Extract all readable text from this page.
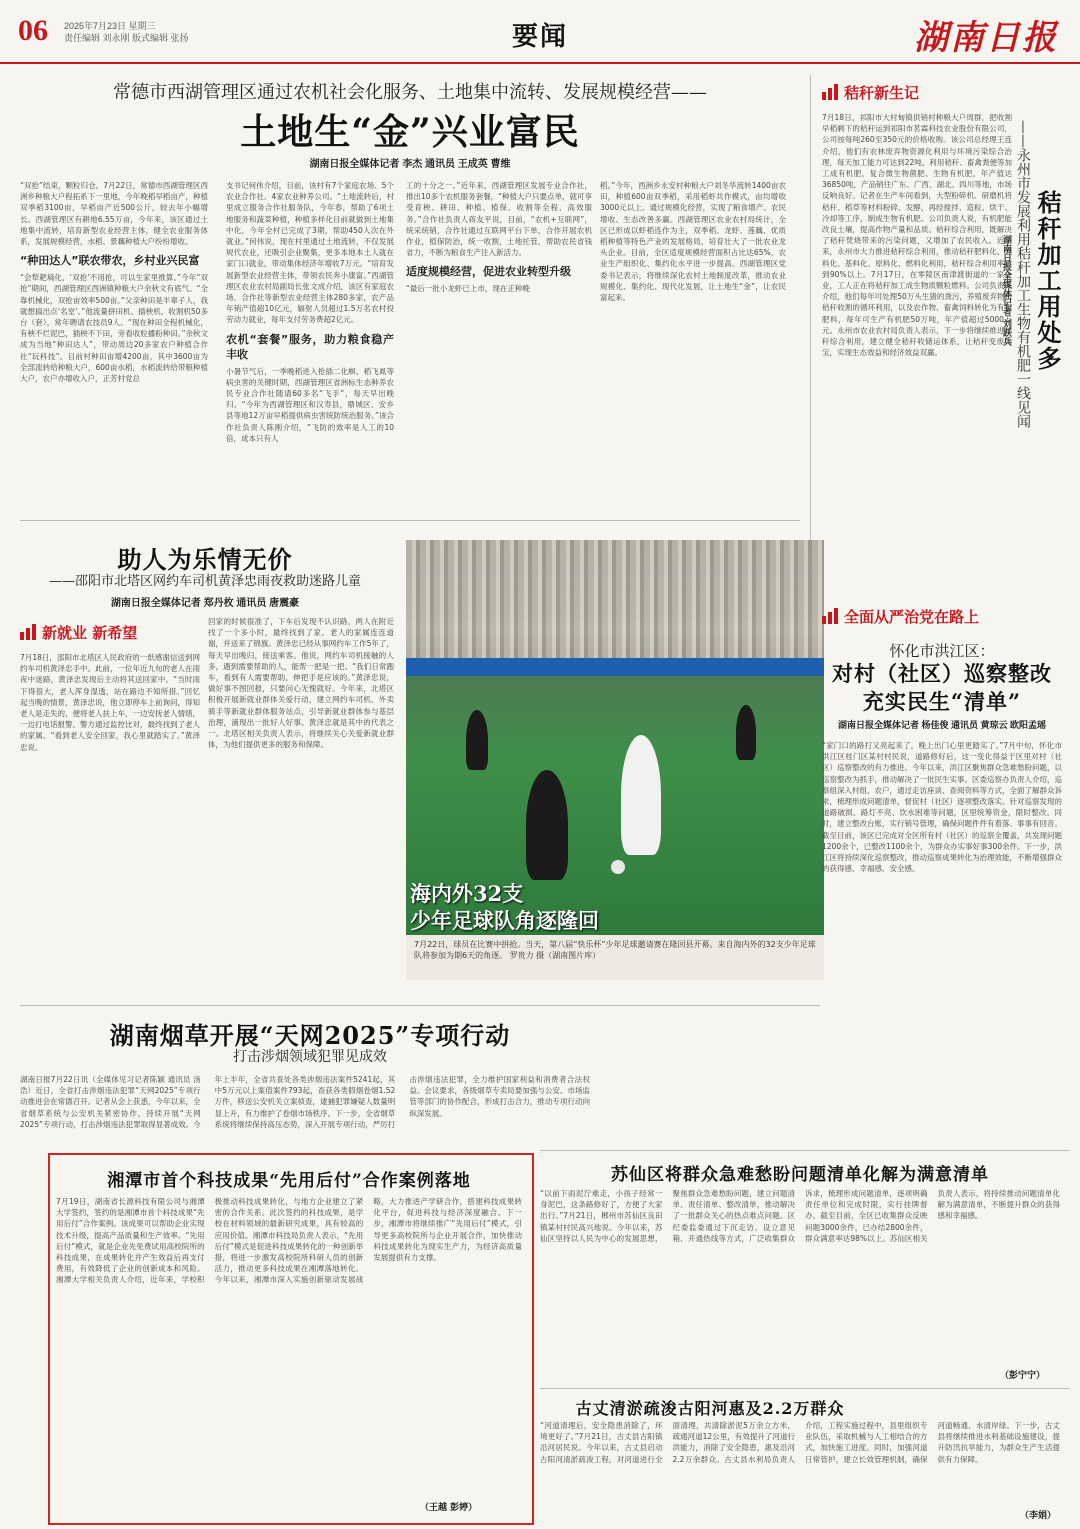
06 2025年7月23日 星期三
责任编辑 刘永刚 版式编辑 张扬	要闻	湖南日报
常德市西湖管理区通过农机社会化服务、土地集中流转、发展规模经营——
土地生“金”兴业富民
湖南日报全媒体记者 李杰 通讯员 王成英 曹维
“双抢”结束，颗粒归仓。7月22日，常德市西湖管理区西洲乡种粮大户程拓系下一里地，今年晚稻早稻亩产，种植双季稻3100亩，早稻亩产近500公斤，较去年小幅增长。西湖管理区有耕地6.55万亩，今年来，该区通过土地集中流转，培育新型农业经营主体，健全农业服务体系，发展规模经营，水稻、景藕种植大户纷纷增收。
“种田达人”联农带农，乡村业兴民富
“会犁耙墒化，‘双抢’不用抢，可以生家里推算。”今年“双抢”期间，西湖管理区西洲镇种粮大户余秋文有底气。“全靠机械化，双抢亩效率500亩。”父亲种田是半辈子人，我就想搞出点‘名堂’。”他流量拼田机、插秧机、收割机50多台（套），常年聘请农技员9人。“现在种田全程机械化，有秧不烂泥巴，插秧不下田，旁看收粒播粉种田。”余秋文成为当地“种田达人”，带动周边20多家农户种植合作社“玩科技”。目前村种田亩增4200亩，其中3600亩为全部流转给种粮大户，600亩水稻，水稻流转给带粮种植大户，农户亦增收入户，正芳村党总
支书记何伟介绍，目前，该村有7个家庭农场、5个农业合作社、4家农业种养公司。“土地流转后，村里成立服务合作社服务队，今年春，帮助了6项土地服务和蔬菜种植，种植多样化目前就做到土地集中化，今年全村已完成了3期，帮助450人次在外就业。”何伟说，现在村里通过土地流转，不仅发展规代农业，还吸引企业聚集，更多本地本土人就在家门口就业，带动集体经济年增收7万元。“培育发展新型农业经营主体，带领农民奔小康富。”西湖管理区农业农村局副局长张文成介绍，该区有家庭农场、合作社等新型农业经营主体280多家，农产品年销产值超10亿元，辐射人员超过1.5万名农村投劳动力就业，每年支付劳务费超2亿元。
农机“套餐”服务，助力粮食稳产丰收
小暑节气后，一季晚稻进入抢插二化螟、稻飞虱等病虫害的关键时期，西湖管理区省洲标生态种养农民专业合作社随请60多名“飞手”，每天早出晚归。“今年为西湖管理区和汉寿县，鼎城区、安乡县等地12万亩早稻提供病虫害统防统治服务。”该合作社负责人陈刚介绍，“飞防的效率是人工的10倍，成本只有人
工的十分之一。”近年来，西湖管理区发展专业合作社，推出10多个农机服务套餐，“种植大户只要点单，就可享受育秧、耕田、种植、植保、收割等全程、高效服务。”合作社负责人蒋友平说，目前，“农机+互联网”，统采统销，合作社通过互联网平台下单，合作开展农机作业，植保防治，统一收割，土地托管，帮助农民省钱省力，不断为粮食生产注入新活力。
适度规模经营，促进农业转型升级
“最后一批小龙虾已上市，现在正种晚
稻。”今年，西洲乡永安村种粮大户刘冬华流转1400亩农田，种植600亩双季稻，采用稻虾共作模式，亩均增收3000元以上。通过规模化经营，实现了粮食增产、农民增收、生态改善多赢。西湖管理区农业农村局统计，全区已形成以虾稻连作为主，双季稻、龙虾、莲藕、优质稻种植等特色产业的发展格局，培育壮大了一批农业龙头企业。目前，全区适度规模经营面积占比达65%，农业生产组织化、集约化水平进一步提高。西湖管理区党委书记表示，将继续深化农村土地制度改革，推动农业规模化、集约化、现代化发展，让土地生“金”，让农民富起来。
秸秆新生记
7月18日，祁阳市大村甸镇供销村种粮大户周群，把收割早稻剩下的秸秆运到祁阳市茗霖科技农业股份有限公司，公司按每吨260至350元的价格收购。该公司总经理王连介绍，他们有农林废弃物资源化利用与环境污染综合治理，每天加工能力可达到22吨。利用秸秆、畜禽粪便等加工成有机肥，复合微生物菌肥、生物有机肥，年产值达36850吨，产品销往广东、广西、湖北、四川等地，市场反响良好。记者在生产车间看到，大型粉碎机、研磨机将秸秆、稻草等材料粉碎、发酵，再经搅拌、造粒、烘干、冷却等工序，制成生物有机肥。公司负责人说，有机肥能改良土壤，提高作物产量和品质。秸秆综合利用，既解决了秸秆焚烧带来的污染问题，又增加了农民收入。近年来，永州市大力推进秸秆综合利用，推动秸秆肥料化、饲料化、基料化、原料化、燃料化利用，秸秆综合利用率达到90%以上。7月17日，在零陵区南津渡街道的一家企业，工人正在将秸秆加工成生物质颗粒燃料。公司负责人介绍，他们每年可处理50万头生猪的粪污，养殖废弃物和秸秆收割的循环利用，以及农作物、畜禽饲料转化为有机肥料，每年可生产有机肥50万吨，年产值超过5000万元。永州市农业农村局负责人表示，下一步将继续推进秸秆综合利用，建立健全秸秆收储运体系，让秸秆变废为宝，实现生态效益和经济效益双赢。	秸秆加工用处多
——永州市发展利用秸秆加工生物有机肥一线见闻
湖南日报全媒体记者 刘跃兵
助人为乐情无价
——邵阳市北塔区网约车司机黄泽忠雨夜救助迷路儿童
湖南日报全媒体记者 郑丹枚 通讯员 唐震豪
新就业 新希望
7月18日，邵阳市北塔区人民政府的一纸感谢信送到网约车司机黄泽忠手中。此前，一位年近九旬的老人在雨夜中迷路，黄泽忠发现后主动将其送回家中。“当时雨下得很大，老人浑身湿透，站在路边不知所措。”回忆起当晚的情景，黄泽忠说，他立即停车上前询问，得知老人是走失的，便将老人扶上车，一边安抚老人情绪，一边打电话报警。警方通过监控比对，最终找到了老人的家属。“看到老人安全回家，我心里就踏实了。”黄泽忠说。
回家的时候很准了，下车后发现不认识路，两人在附近找了一个多小时，最终找到了家。老人的家属连连道谢，并送来了锦旗。黄泽忠已经从事网约车工作5年了，每天早出晚归，接送乘客。他说，网约车司机接触的人多，遇到需要帮助的人，能帮一把是一把。“我们日常跑车，看到有人需要帮助，伸把手是应该的。”黄泽忠说，做好事不图回报，只要问心无愧就好。今年来，北塔区积极开展新就业群体关爱行动，建立网约车司机、外卖骑手等新就业群体服务站点，引导新就业群体参与基层治理，涌现出一批好人好事。黄泽忠就是其中的代表之一。北塔区相关负责人表示，将继续关心关爱新就业群体，为他们提供更多的服务和保障。
海内外32支
少年足球队角逐隆回
7月22日，球员在比赛中拼抢。当天，第八届“快乐杯”少年足球邀请赛在隆回县开幕。来自海内外的32支少年足球队将参加为期6天的角逐。 罗贵力 摄（湖南图片库）
全面从严治党在路上
怀化市洪江区：
对村（社区）巡察整改
充实民生“清单”
湖南日报全媒体记者 杨佳俊 通讯员 黄琼云 欧阳孟瑶
“家门口的路打又亮起来了，晚上出门心里更踏实了。”7月中旬，怀化市洪江区桂门区某村村民说，道路修好后，这一变化得益于区里对村（社区）巡察整改的有力推进。今年以来，洪江区聚焦群众急难愁盼问题，以巡察整改为抓手，推动解决了一批民生实事。区委巡察办负责人介绍，巡察组深入村组、农户，通过走访座谈、查阅资料等方式，全面了解群众诉求，梳理形成问题清单，督促村（社区）逐项整改落实。针对巡察发现的道路破损、路灯不亮、饮水困难等问题，区里统筹资金，限时整改。同时，建立整改台账，实行销号管理，确保问题件件有着落、事事有回音。截至目前，该区已完成对全区所有村（社区）的巡察全覆盖，共发现问题1200余个，已整改1100余个，为群众办实事好事300余件。下一步，洪江区将持续深化巡察整改，推动巡察成果转化为治理效能，不断增强群众的获得感、幸福感、安全感。
湖南烟草开展“天网2025”专项行动
打击涉烟领域犯罪见成效
湖南日报7月22日讯（全媒体见习记者陈颖 通讯员 汤浩）近日，全省打击涉烟违法犯罪“天网2025”专项行动推进会在常德召开。记者从会上获悉，今年以来，全省烟草系统与公安机关紧密协作，持续开展“天网2025”专项行动，打击涉烟违法犯罪取得显著成效。今年上半年，全省共查处各类涉烟违法案件5241起，其中5万元以上案值案件793起，查获各类假烟卷烟1.52万件，移送公安机关立案侦查，逮捕犯罪嫌疑人数量明显上升，有力维护了卷烟市场秩序。下一步，全省烟草系统将继续保持高压态势，深入开展专项行动，严厉打击涉烟违法犯罪，全力维护国家利益和消费者合法权益。会议要求，各级烟草专卖局要加强与公安、市场监管等部门的协作配合，形成打击合力，推动专项行动向纵深发展。
湘潭市首个科技成果“先用后付”合作案例落地
7月19日，湖南省长源科技有限公司与湘潭大学签约，签约的是湘潭市首个科技成果“先用后付”合作案例。该成果可以帮助企业实现技术升级，提高产品质量和生产效率。“先用后付”模式，就是企业先免费试用高校院所的科技成果，在成果转化并产生效益后再支付费用，有效降低了企业的创新成本和风险。湘潭大学相关负责人介绍，近年来，学校积极推动科技成果转化，与地方企业建立了紧密的合作关系。此次签约的科技成果，是学校在材料领域的最新研究成果，具有较高的应用价值。湘潭市科技局负责人表示，“先用后付”模式是促进科技成果转化的一种创新举措，将进一步激发高校院所科研人员的创新活力，推动更多科技成果在湘潭落地转化。今年以来，湘潭市深入实施创新驱动发展战略，大力推进产学研合作，搭建科技成果转化平台，促进科技与经济深度融合。下一步，湘潭市将继续推广“先用后付”模式，引导更多高校院所与企业开展合作，加快推动科技成果转化为现实生产力，为经济高质量发展提供有力支撑。
（王越 彭婷）
苏仙区将群众急难愁盼问题清单化解为满意清单
“以前下雨泥泞难走，小孩子经常一身泥巴，这条路修好了，方便了大家出行。”7月21日，郴州市苏仙区良田镇某村村民高兴地说。今年以来，苏仙区坚持以人民为中心的发展思想，聚焦群众急难愁盼问题，建立问题清单、责任清单、整改清单，推动解决了一批群众关心的热点难点问题。区纪委监委通过下沉走访、设立意见箱、开通热线等方式，广泛收集群众诉求，梳理形成问题清单，逐项明确责任单位和完成时限，实行挂牌督办。截至目前，全区已收集群众反映问题3000余件，已办结2800余件，群众满意率达98%以上。苏仙区相关负责人表示，将持续推动问题清单化解为满意清单，不断提升群众的获得感和幸福感。
（彭宁宁）
古丈清淤疏浚古阳河惠及2.2万群众
“河道清理后，安全隐患消除了，环境更好了。”7月21日，古丈县古阳镇沿河居民说。今年以来，古丈县启动古阳河清淤疏浚工程，对河道进行全面清理，共清除淤泥5万余立方米，疏通河道12公里，有效提升了河道行洪能力，消除了安全隐患，惠及沿河2.2万余群众。古丈县水利局负责人介绍，工程实施过程中，县里组织专业队伍，采取机械与人工相结合的方式，加快施工进度。同时，加强河道日常管护，建立长效管理机制，确保河道畅通、水清岸绿。下一步，古丈县将继续推进水利基础设施建设，提升防汛抗旱能力，为群众生产生活提供有力保障。
（李娟）
